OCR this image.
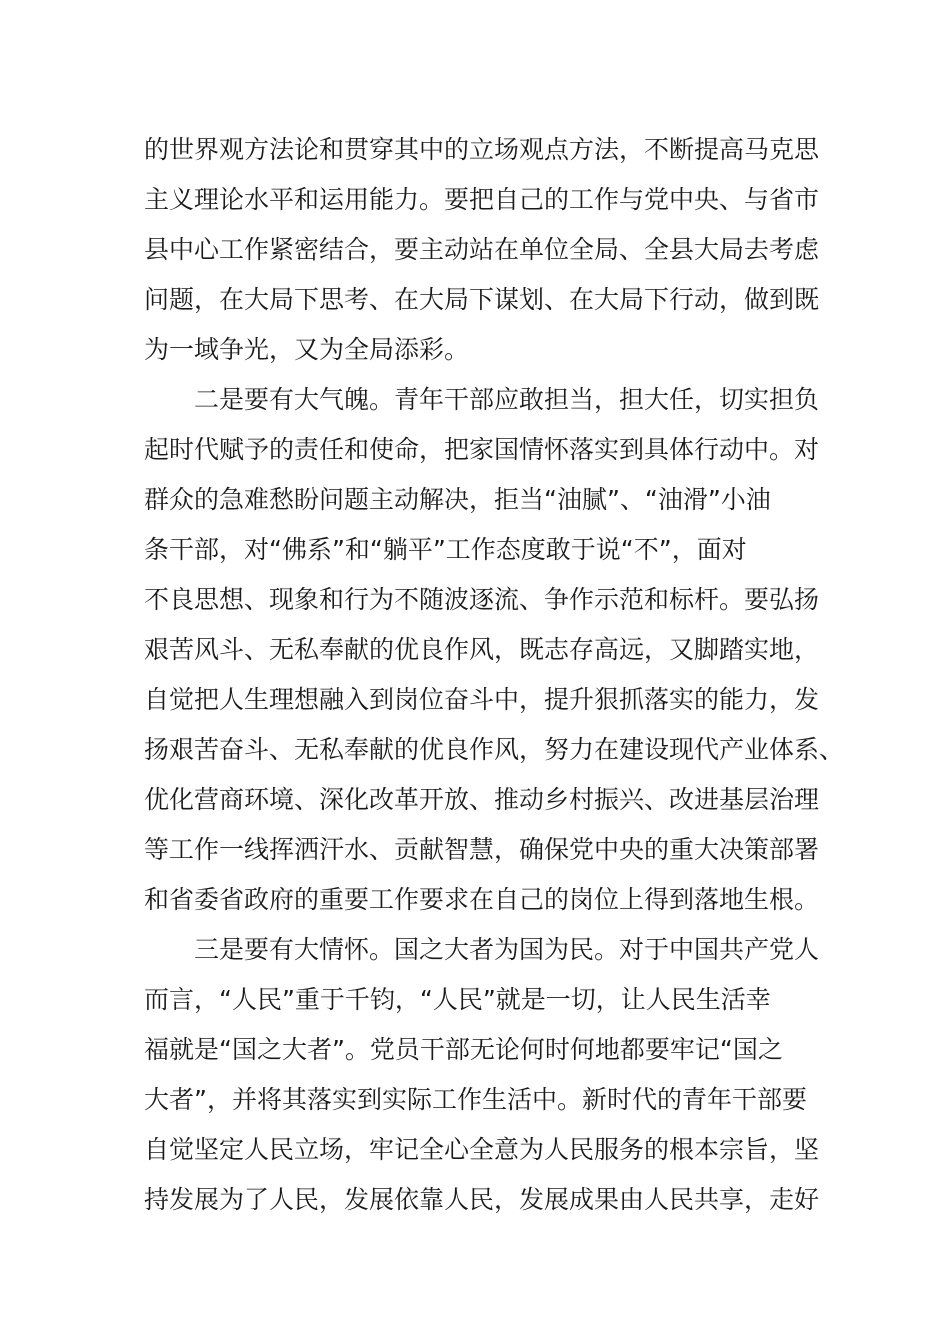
的世界观方法论和贯穿其中的立场观点方法，不断提高马克思
主义理论水平和运用能力。要把自己的工作与党中央、与省市
县中心工作紧密结合，要主动站在单位全局、全县大局去考虑
问题，在大局下思考、在大局下谋划、在大局下行动，做到既
为一域争光，又为全局添彩。
　　二是要有大气魄。青年干部应敢担当，担大任，切实担负
起时代赋予的责任和使命，把家国情怀落实到具体行动中。对
群众的急难愁盼问题主动解决，拒当“油腻”、“油滑”小油
条干部，对“佛系”和“躺平”工作态度敢于说“不”，面对
不良思想、现象和行为不随波逐流、争作示范和标杆。要弘扬
艰苦风斗、无私奉献的优良作风，既志存高远，又脚踏实地，
自觉把人生理想融入到岗位奋斗中，提升狠抓落实的能力，发
扬艰苦奋斗、无私奉献的优良作风，努力在建设现代产业体系、
优化营商环境、深化改革开放、推动乡村振兴、改进基层治理
等工作一线挥洒汗水、贡献智慧，确保党中央的重大决策部署
和省委省政府的重要工作要求在自己的岗位上得到落地生根。
　　三是要有大情怀。国之大者为国为民。对于中国共产党人
而言，“人民”重于千钧，“人民”就是一切，让人民生活幸
福就是“国之大者”。党员干部无论何时何地都要牢记“国之
大者”，并将其落实到实际工作生活中。新时代的青年干部要
自觉坚定人民立场，牢记全心全意为人民服务的根本宗旨，坚
持发展为了人民，发展依靠人民，发展成果由人民共享，走好
